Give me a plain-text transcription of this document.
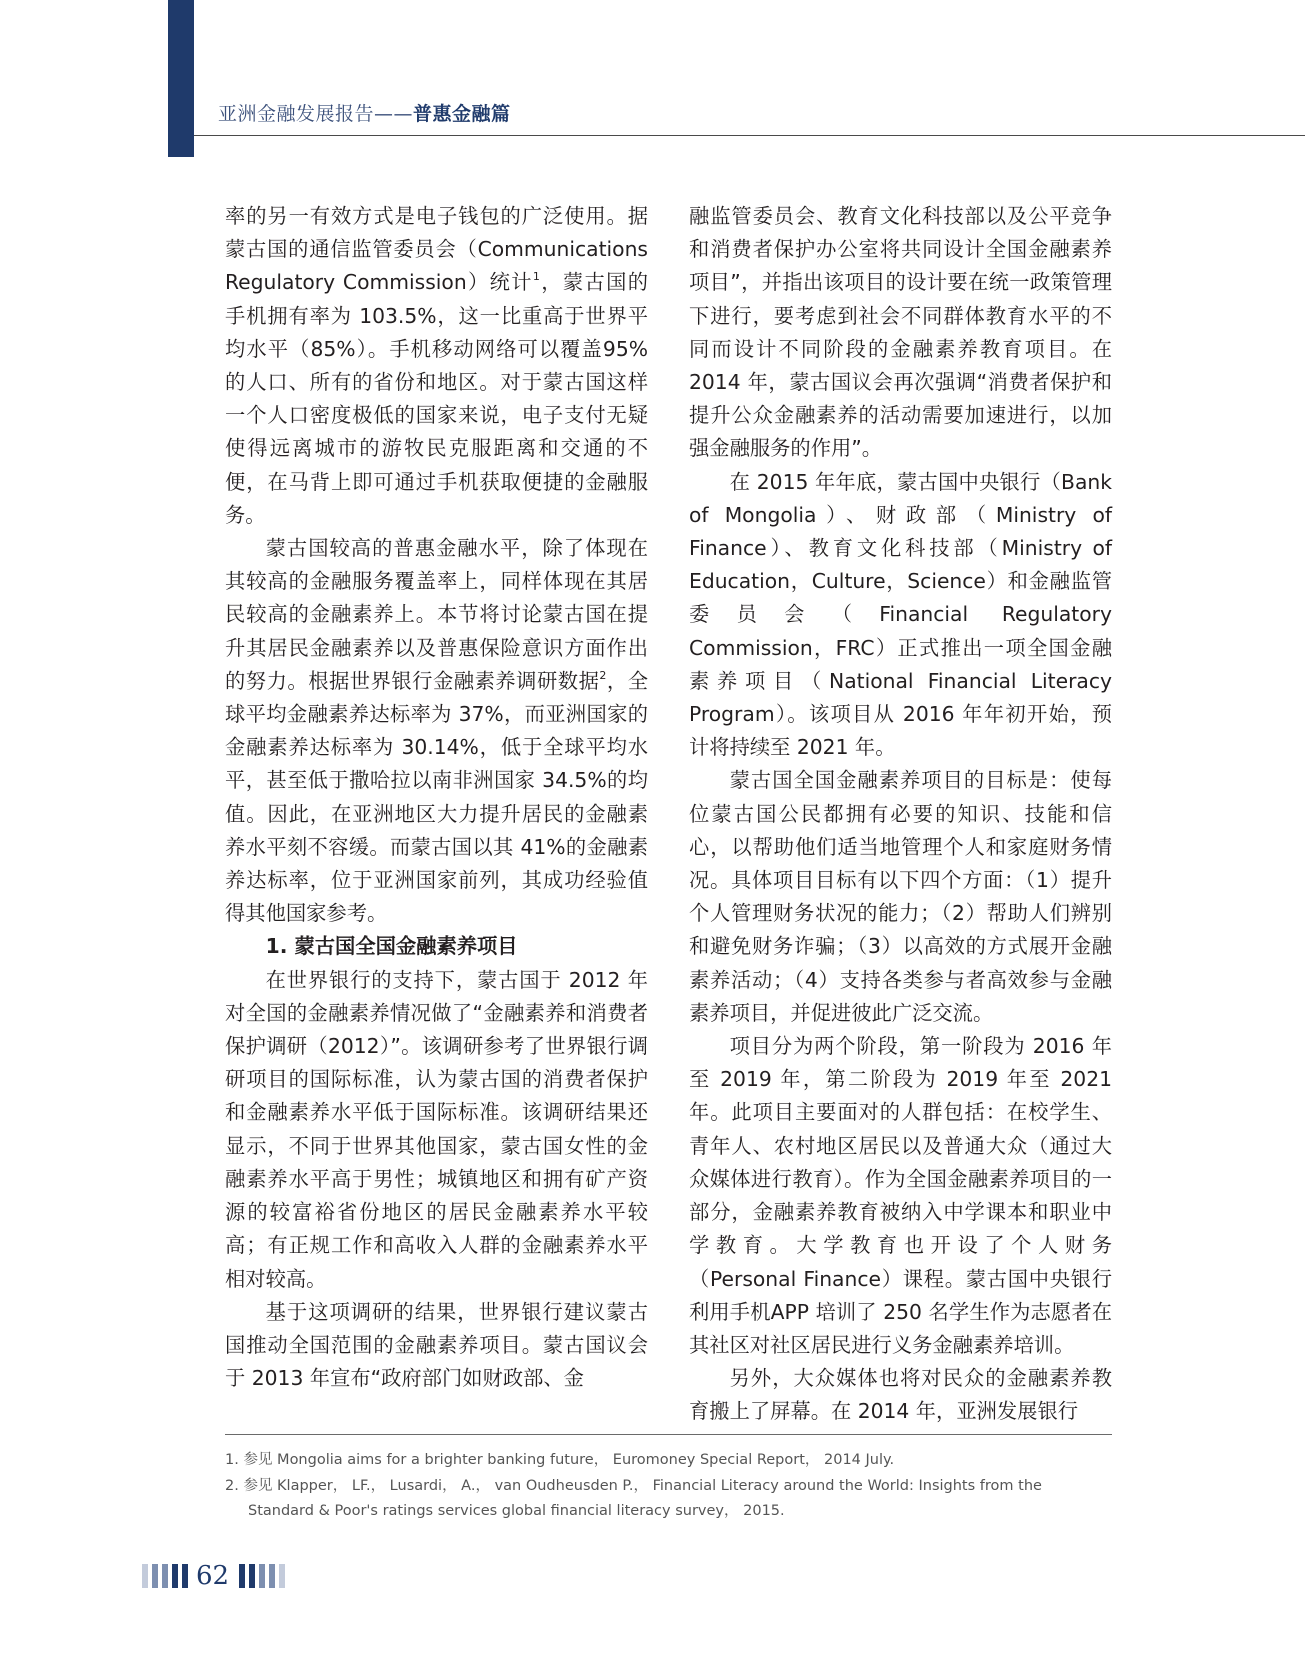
亚洲金融发展报告——普惠金融篇

率的另一有效方式是电子钱包的广泛使用。据蒙古国的通信监管委员会（Communications Regulatory Commission）统计$^1$，蒙古国的手机拥有率为 103.5%，这一比重高于世界平均水平（85%）。手机移动网络可以覆盖95%的人口、所有的省份和地区。对于蒙古国这样一个人口密度极低的国家来说，电子支付无疑使得远离城市的游牧民克服距离和交通的不便，在马背上即可通过手机获取便捷的金融服务。

蒙古国较高的普惠金融水平，除了体现在其较高的金融服务覆盖率上，同样体现在其居民较高的金融素养上。本节将讨论蒙古国在提升其居民金融素养以及普惠保险意识方面作出的努力。根据世界银行金融素养调研数据$^2$，全球平均金融素养达标率为 37%，而亚洲国家的金融素养达标率为 30.14%，低于全球平均水平，甚至低于撒哈拉以南非洲国家 34.5%的均值。因此，在亚洲地区大力提升居民的金融素养水平刻不容缓。而蒙古国以其 41%的金融素养达标率，位于亚洲国家前列，其成功经验值得其他国家参考。

1. 蒙古国全国金融素养项目

在世界银行的支持下，蒙古国于 2012 年对全国的金融素养情况做了“金融素养和消费者保护调研（2012）”。该调研参考了世界银行调研项目的国际标准，认为蒙古国的消费者保护和金融素养水平低于国际标准。该调研结果还显示，不同于世界其他国家，蒙古国女性的金融素养水平高于男性；城镇地区和拥有矿产资源的较富裕省份地区的居民金融素养水平较高；有正规工作和高收入人群的金融素养水平相对较高。

基于这项调研的结果，世界银行建议蒙古国推动全国范围的金融素养项目。蒙古国议会于 2013 年宣布“政府部门如财政部、金

融监管委员会、教育文化科技部以及公平竞争和消费者保护办公室将共同设计全国金融素养项目”，并指出该项目的设计要在统一政策管理下进行，要考虑到社会不同群体教育水平的不同而设计不同阶段的金融素养教育项目。在 2014 年，蒙古国议会再次强调“消费者保护和提升公众金融素养的活动需要加速进行，以加强金融服务的作用”。

在 2015 年年底，蒙古国中央银行（Bank of Mongolia）、财政部（Ministry of Finance）、教育文化科技部（Ministry of Education，Culture，Science）和金融监管委员会（Financial Regulatory Commission，FRC）正式推出一项全国金融素养项目（National Financial Literacy Program）。该项目从 2016 年年初开始，预计将持续至 2021 年。

蒙古国全国金融素养项目的目标是：使每位蒙古国公民都拥有必要的知识、技能和信心，以帮助他们适当地管理个人和家庭财务情况。具体项目目标有以下四个方面：（1）提升个人管理财务状况的能力；（2）帮助人们辨别和避免财务诈骗；（3）以高效的方式展开金融素养活动；（4）支持各类参与者高效参与金融素养项目，并促进彼此广泛交流。

项目分为两个阶段，第一阶段为 2016 年至 2019 年，第二阶段为 2019 年至 2021 年。此项目主要面对的人群包括：在校学生、青年人、农村地区居民以及普通大众（通过大众媒体进行教育）。作为全国金融素养项目的一部分，金融素养教育被纳入中学课本和职业中学教育。大学教育也开设了个人财务（Personal Finance）课程。蒙古国中央银行利用手机APP 培训了 250 名学生作为志愿者在其社区对社区居民进行义务金融素养培训。

另外，大众媒体也将对民众的金融素养教育搬上了屏幕。在 2014 年，亚洲发展银行

1. 参见 Mongolia aims for a brighter banking future， Euromoney Special Report， 2014 July.
2. 参见 Klapper， LF.， Lusardi， A.， van Oudheusden P.， Financial Literacy around the World: Insights from the Standard & Poor's ratings services global financial literacy survey， 2015.
62
